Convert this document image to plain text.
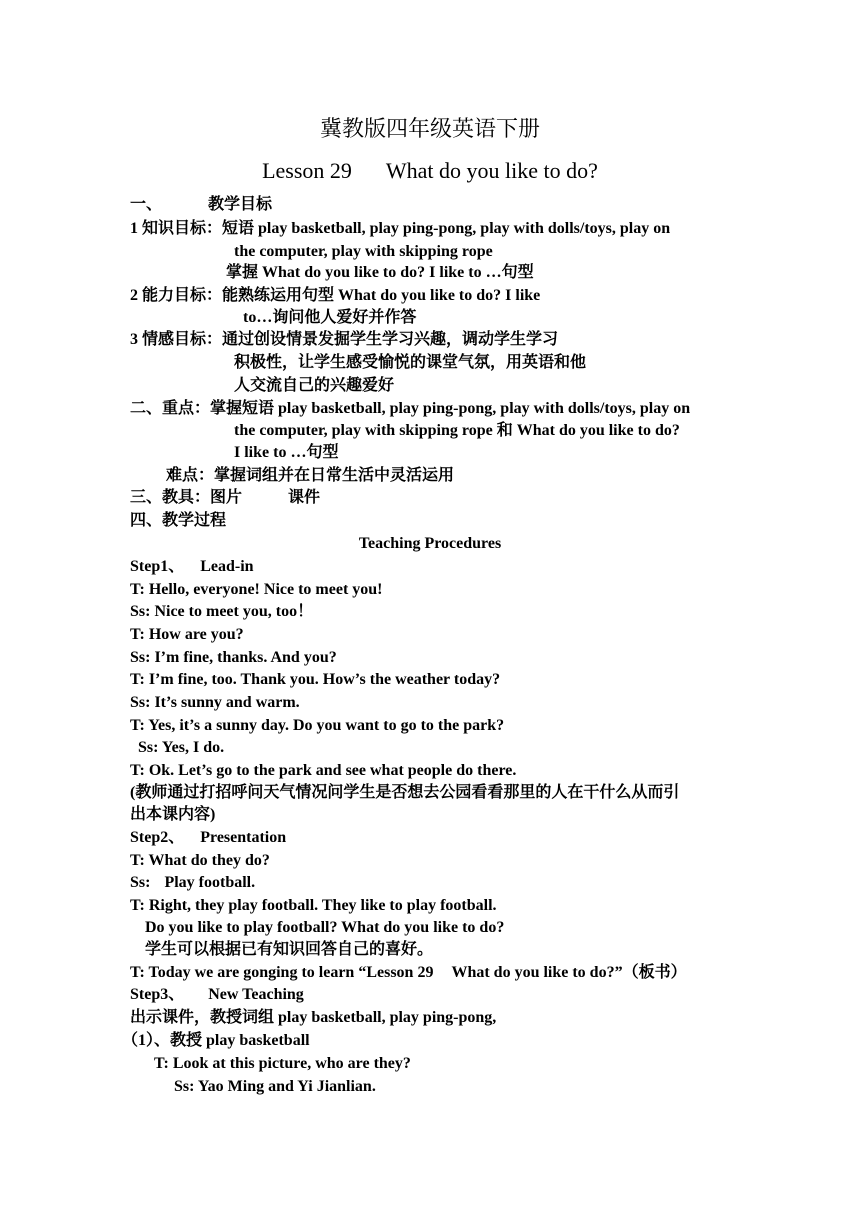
冀教版四年级英语下册
Lesson 29 What do you like to do?
一、	教学目标
1 知识目标：短语 play basketball, play ping-pong, play with dolls/toys, play on
the computer, play with skipping rope
掌握 What do you like to do? I like to …句型
2 能力目标：能熟练运用句型 What do you like to do? I like
to…询问他人爱好并作答
3 情感目标：通过创设情景发掘学生学习兴趣，调动学生学习
积极性，让学生感受愉悦的课堂气氛，用英语和他
人交流自己的兴趣爱好
二、重点：掌握短语 play basketball, play ping-pong, play with dolls/toys, play on
the computer, play with skipping rope 和 What do you like to do?
I like to …句型
难点：掌握词组并在日常生活中灵活运用
三、教具：图片	课件
四、教学过程
Teaching Procedures
Step1、 Lead-in
T: Hello, everyone! Nice to meet you!
Ss: Nice to meet you, too！
T: How are you?
Ss: I’m fine, thanks. And you?
T: I’m fine, too. Thank you. How’s the weather today?
Ss: It’s sunny and warm.
T: Yes, it’s a sunny day. Do you want to go to the park?
Ss: Yes, I do.
T: Ok. Let’s go to the park and see what people do there.
(教师通过打招呼问天气情况问学生是否想去公园看看那里的人在干什么从而引
出本课内容)
Step2、 Presentation
T: What do they do?
Ss: Play football.
T: Right, they play football. They like to play football.
Do you like to play football? What do you like to do?
学生可以根据已有知识回答自己的喜好。
T: Today we are gonging to learn “Lesson 29 What do you like to do?”（板书）
Step3、 New Teaching
出示课件，教授词组 play basketball, play ping-pong,
（1）、教授 play basketball
T: Look at this picture, who are they?
Ss: Yao Ming and Yi Jianlian.
